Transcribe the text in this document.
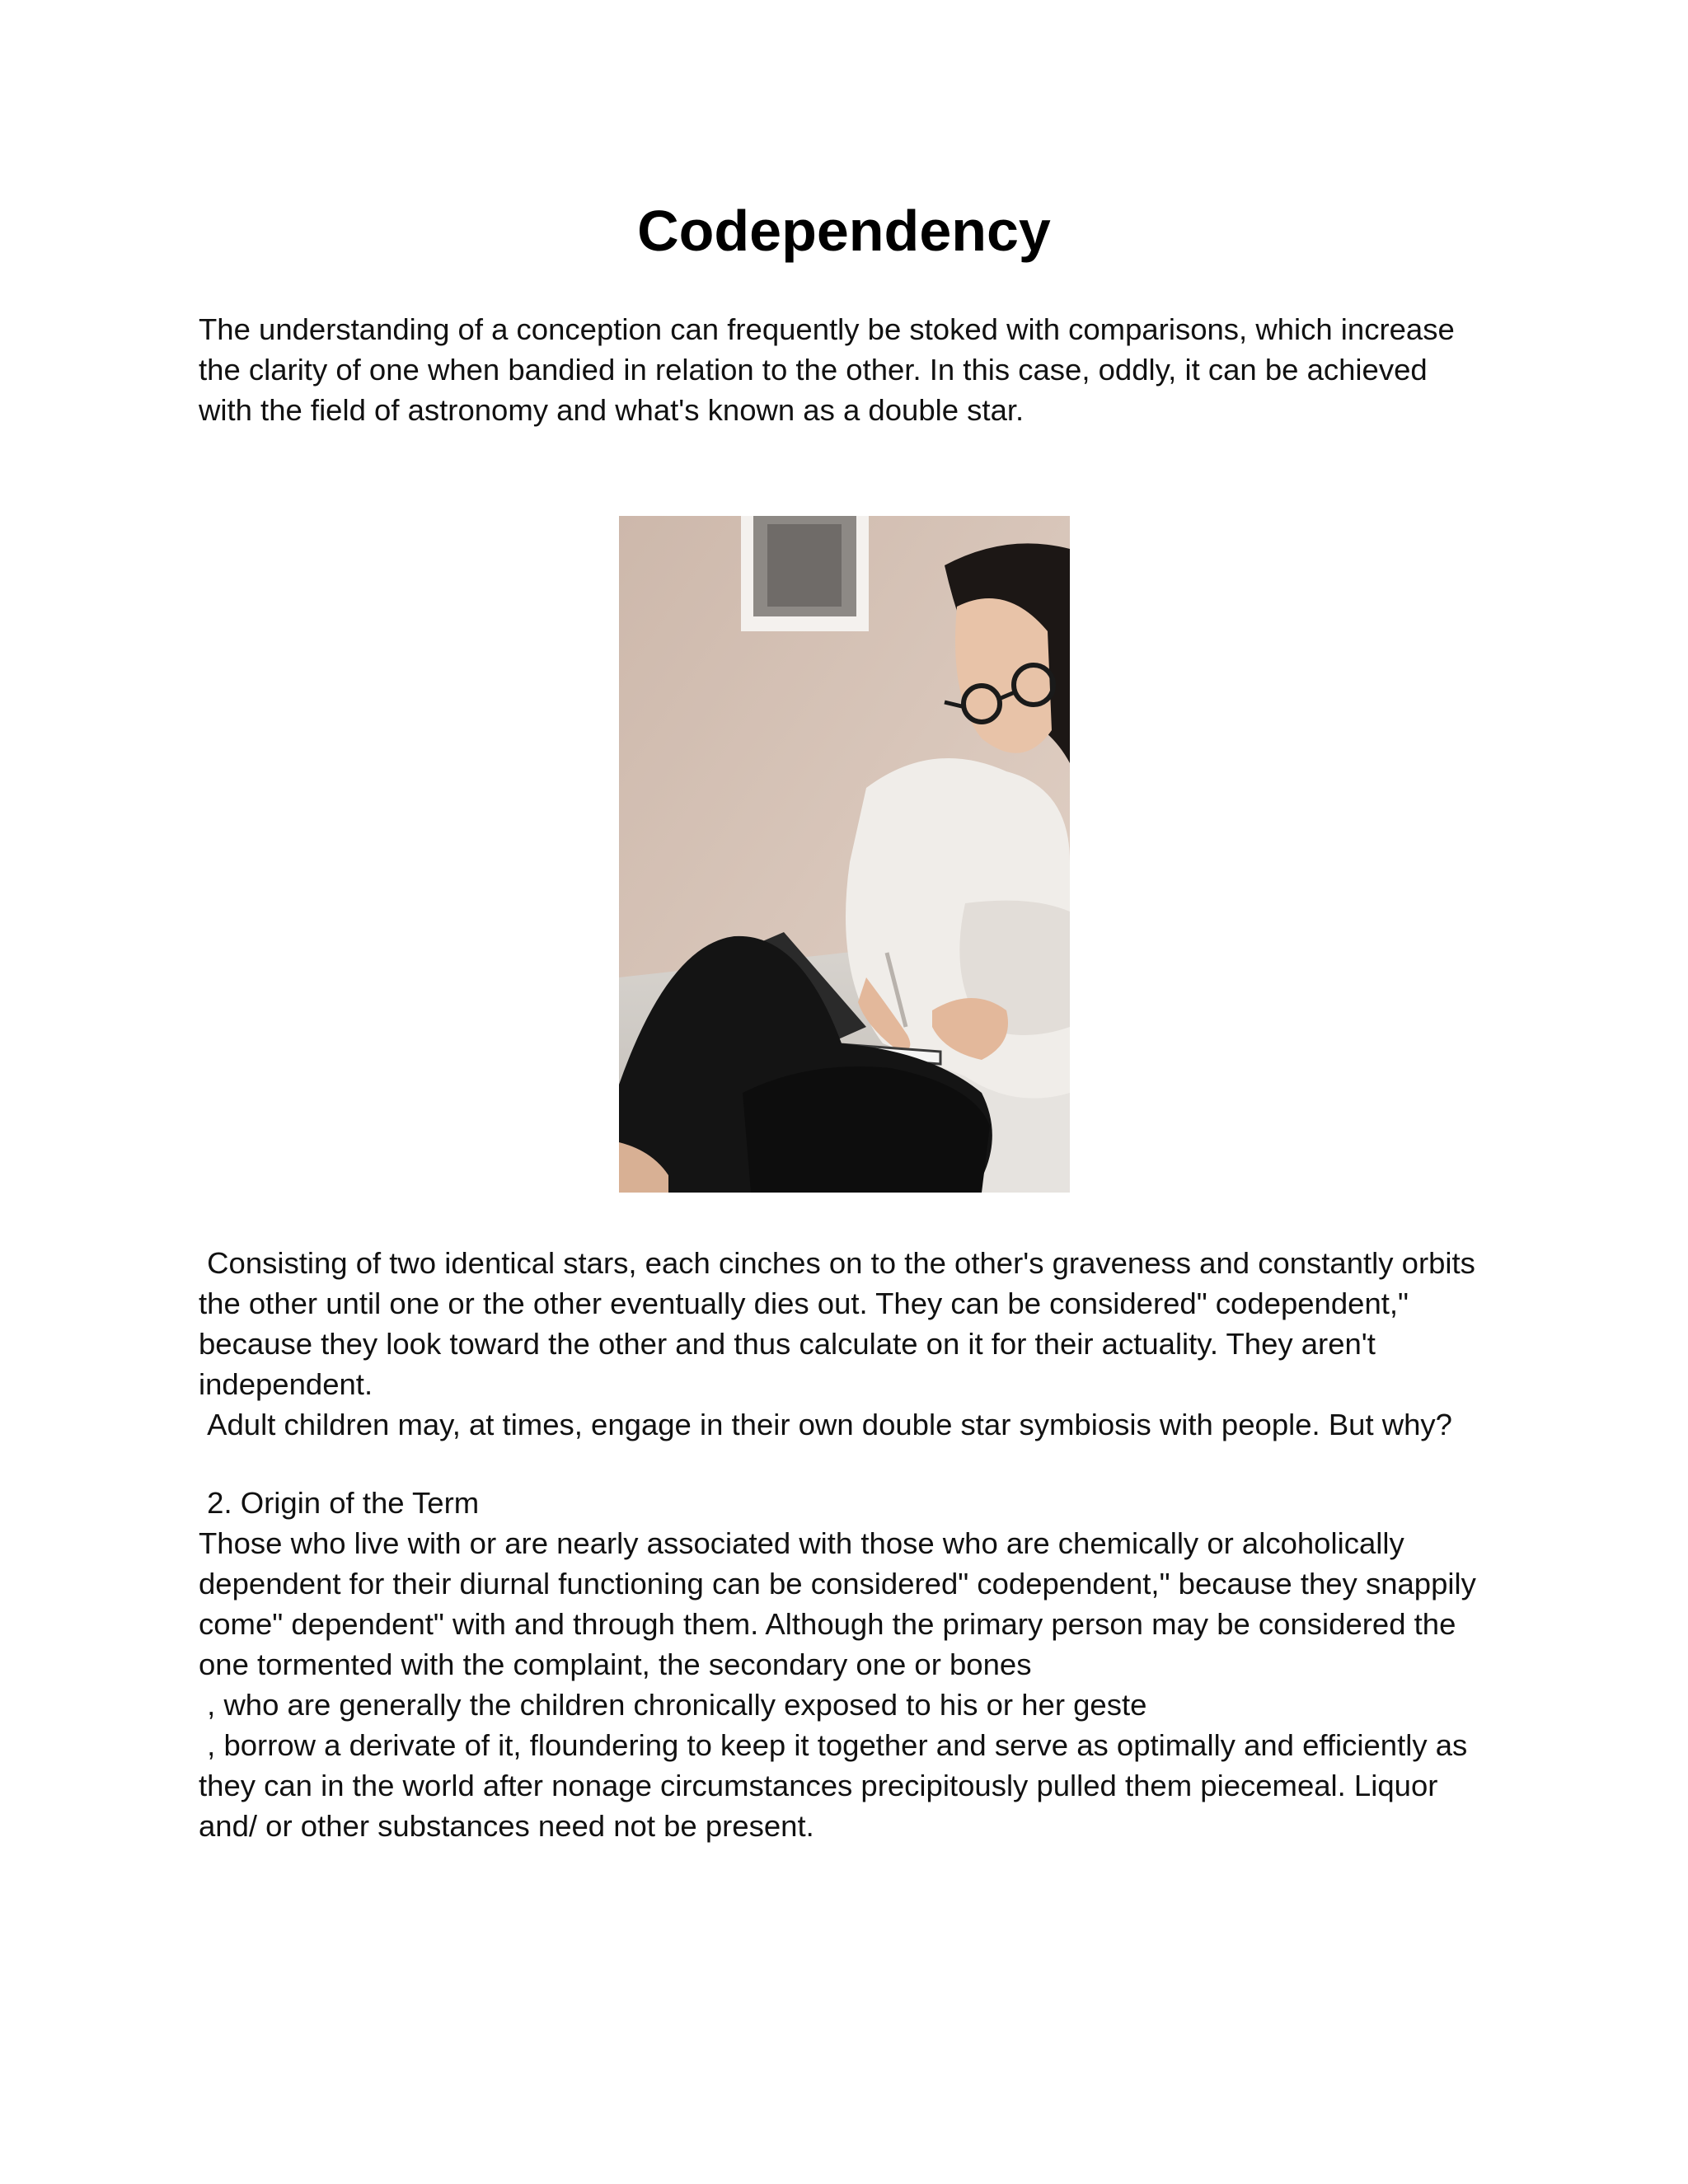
Codependency

The understanding of a conception can frequently be stoked with comparisons, which increase
the clarity of one when bandied in relation to the other. In this case, oddly, it can be achieved
with the field of astronomy and what's known as a double star.

Consisting of two identical stars, each cinches on to the other's graveness and constantly orbits
the other until one or the other eventually dies out. They can be considered" codependent,"
because they look toward the other and thus calculate on it for their actuality. They aren't
independent.
Adult children may, at times, engage in their own double star symbiosis with people. But why?

2. Origin of the Term

Those who live with or are nearly associated with those who are chemically or alcoholically
dependent for their diurnal functioning can be considered" codependent," because they snappily
come" dependent" with and through them. Although the primary person may be considered the
one tormented with the complaint, the secondary one or bones
, who are generally the children chronically exposed to his or her geste
, borrow a derivate of it, floundering to keep it together and serve as optimally and efficiently as
they can in the world after nonage circumstances precipitously pulled them piecemeal. Liquor
and/ or other substances need not be present.
